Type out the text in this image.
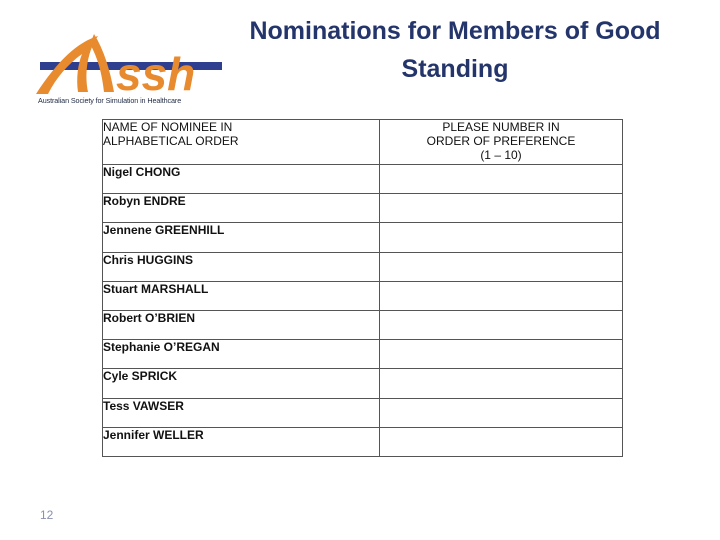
ssh
Australian Society for Simulation in Healthcare
Nominations for Members of Good
Standing
NAME OF NOMINEE IN
ALPHABETICAL ORDER	PLEASE NUMBER IN
ORDER OF PREFERENCE
(1 – 10)

Nigel CHONG	
Robyn ENDRE	
Jennene GREENHILL	
Chris HUGGINS	
Stuart MARSHALL	
Robert O’BRIEN	
Stephanie O’REGAN	
Cyle SPRICK	
Tess VAWSER	
Jennifer WELLER	
12
